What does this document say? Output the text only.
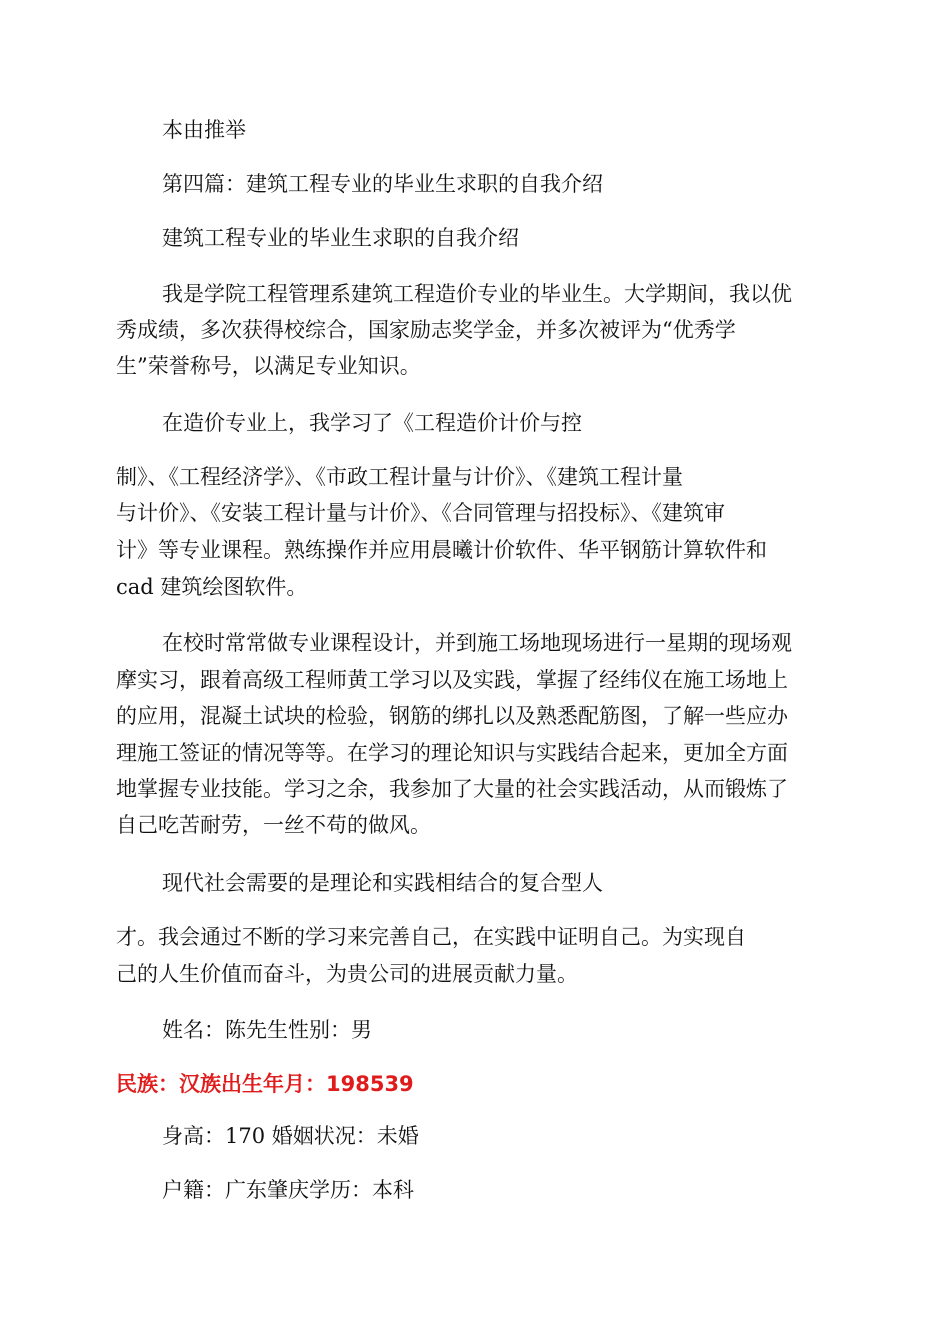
本由推举

第四篇：建筑工程专业的毕业生求职的自我介绍

建筑工程专业的毕业生求职的自我介绍

我是学院工程管理系建筑工程造价专业的毕业生。大学期间，我以优

秀成绩，多次获得校综合，国家励志奖学金，并多次被评为“优秀学

生”荣誉称号，以满足专业知识。

在造价专业上，我学习了《工程造价计价与控

制》、《工程经济学》、《市政工程计量与计价》、《建筑工程计量

与计价》、《安装工程计量与计价》、《合同管理与招投标》、《建筑审

计》等专业课程。熟练操作并应用晨曦计价软件、华平钢筋计算软件和

cad 建筑绘图软件。

在校时常常做专业课程设计，并到施工场地现场进行一星期的现场观

摩实习，跟着高级工程师黄工学习以及实践，掌握了经纬仪在施工场地上

的应用，混凝土试块的检验，钢筋的绑扎以及熟悉配筋图，了解一些应办

理施工签证的情况等等。在学习的理论知识与实践结合起来，更加全方面

地掌握专业技能。学习之余，我参加了大量的社会实践活动，从而锻炼了

自己吃苦耐劳，一丝不苟的做风。

现代社会需要的是理论和实践相结合的复合型人

才。我会通过不断的学习来完善自己，在实践中证明自己。为实现自

己的人生价值而奋斗，为贵公司的进展贡献力量。

姓名：陈先生性别：男

民族：汉族出生年月：198539

身高：170 婚姻状况：未婚

户籍：广东肇庆学历：本科
